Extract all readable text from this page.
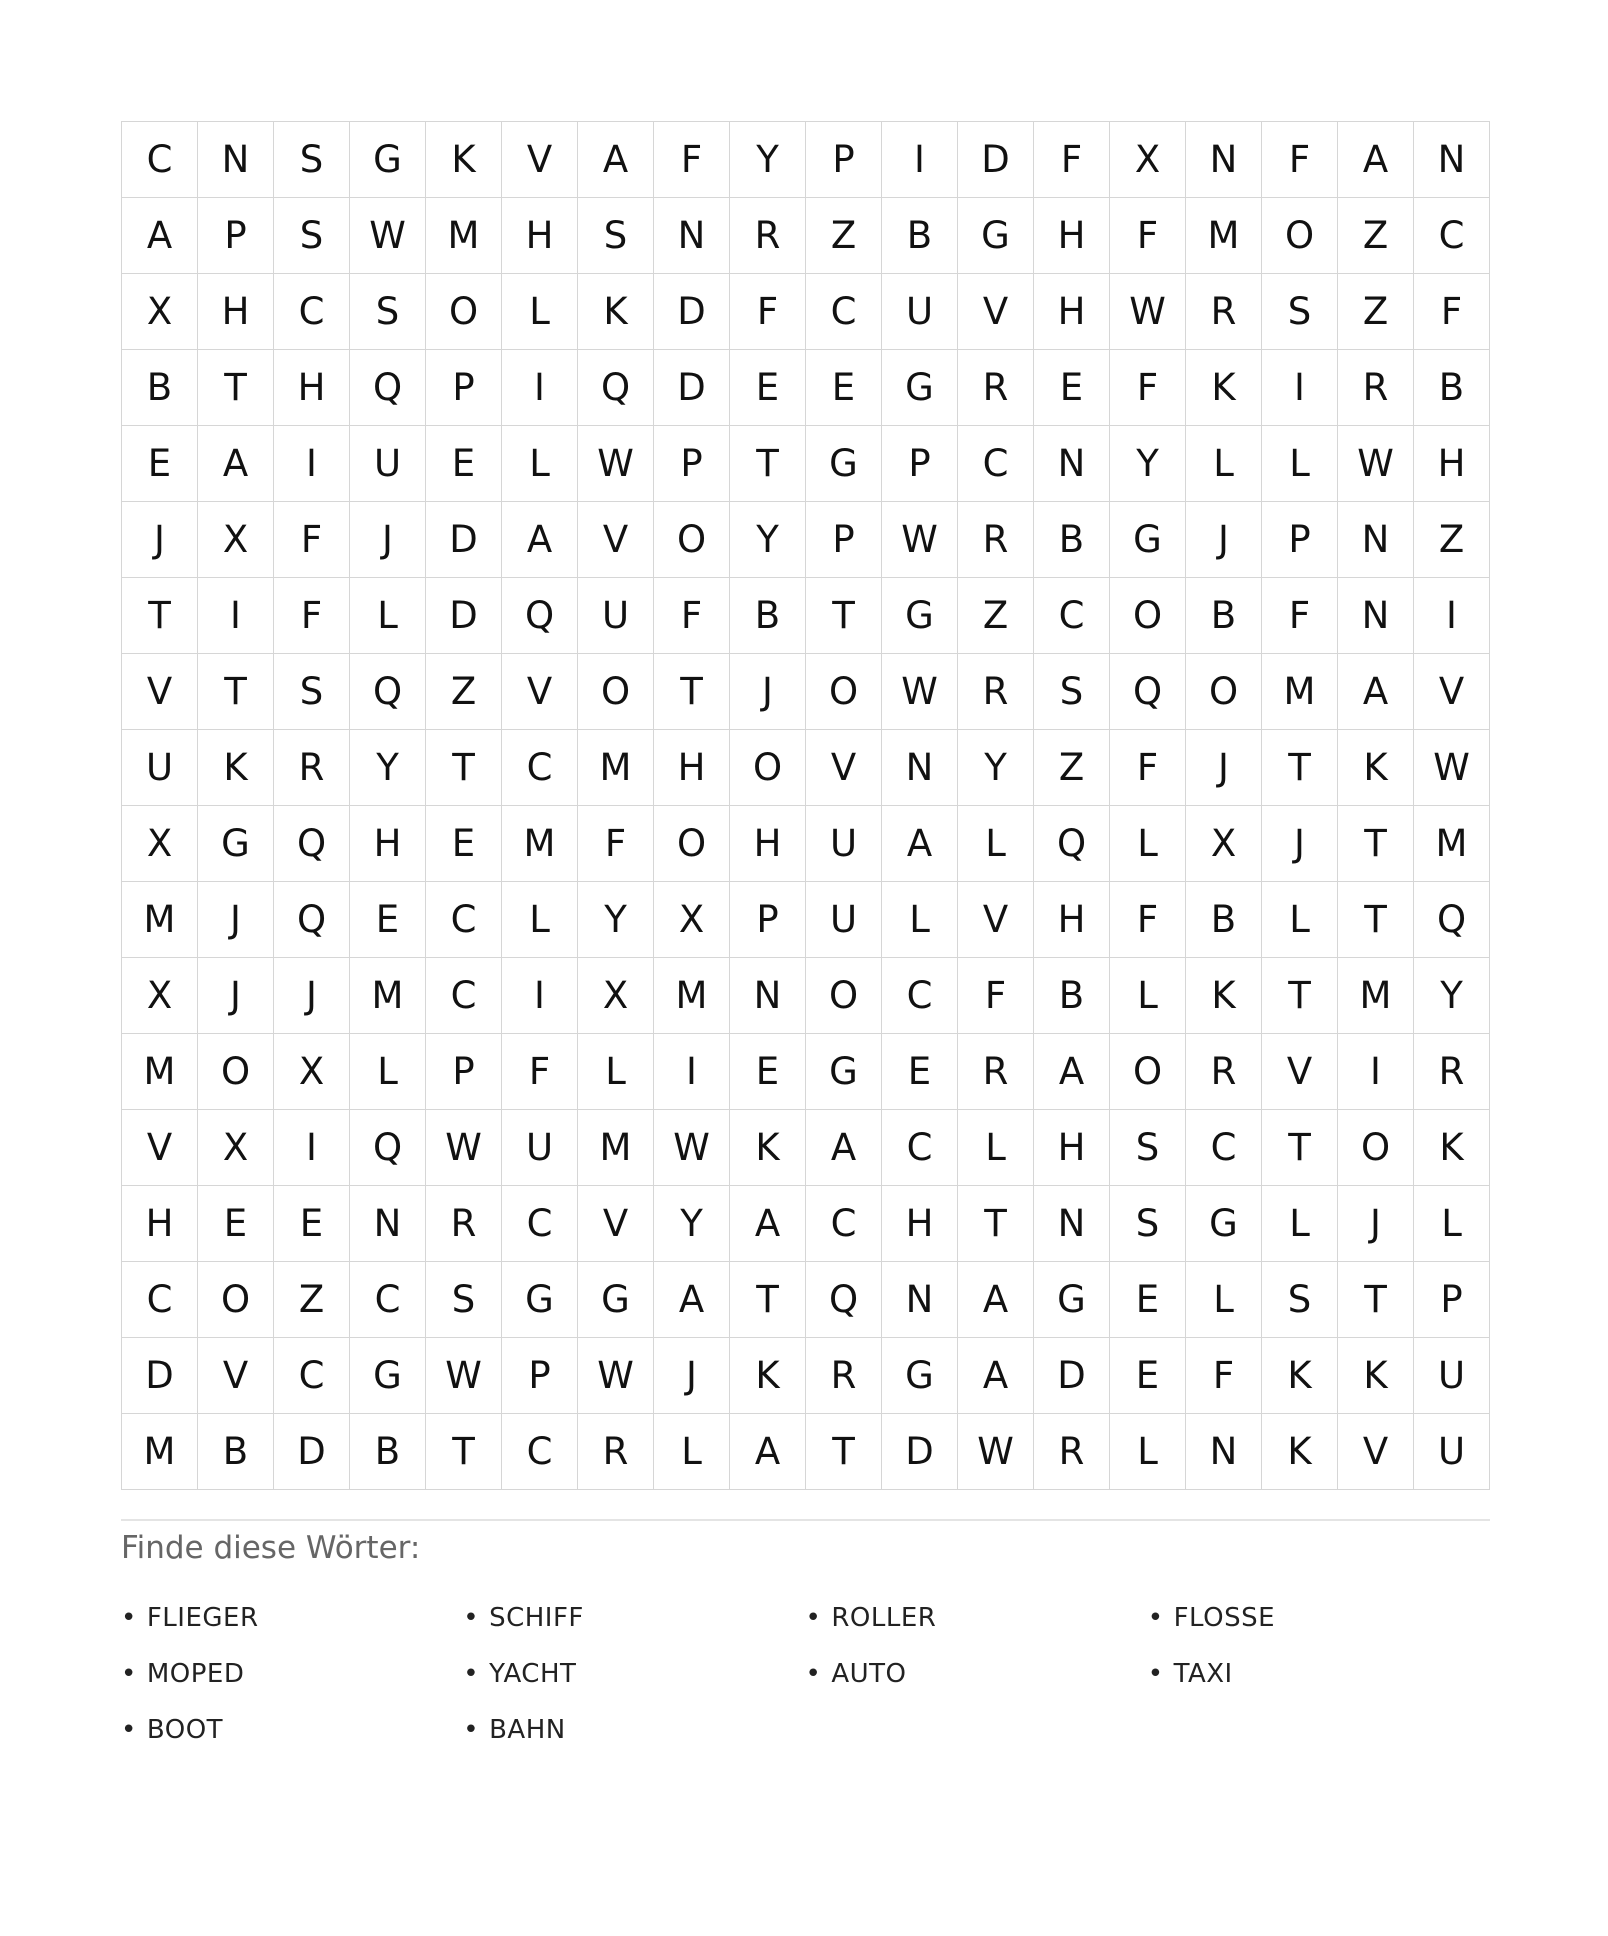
C	N	S	G	K	V	A	F	Y	P	I	D	F	X	N	F	A	N
A	P	S	W	M	H	S	N	R	Z	B	G	H	F	M	O	Z	C
X	H	C	S	O	L	K	D	F	C	U	V	H	W	R	S	Z	F
B	T	H	Q	P	I	Q	D	E	E	G	R	E	F	K	I	R	B
E	A	I	U	E	L	W	P	T	G	P	C	N	Y	L	L	W	H
J	X	F	J	D	A	V	O	Y	P	W	R	B	G	J	P	N	Z
T	I	F	L	D	Q	U	F	B	T	G	Z	C	O	B	F	N	I
V	T	S	Q	Z	V	O	T	J	O	W	R	S	Q	O	M	A	V
U	K	R	Y	T	C	M	H	O	V	N	Y	Z	F	J	T	K	W
X	G	Q	H	E	M	F	O	H	U	A	L	Q	L	X	J	T	M
M	J	Q	E	C	L	Y	X	P	U	L	V	H	F	B	L	T	Q
X	J	J	M	C	I	X	M	N	O	C	F	B	L	K	T	M	Y
M	O	X	L	P	F	L	I	E	G	E	R	A	O	R	V	I	R
V	X	I	Q	W	U	M	W	K	A	C	L	H	S	C	T	O	K
H	E	E	N	R	C	V	Y	A	C	H	T	N	S	G	L	J	L
C	O	Z	C	S	G	G	A	T	Q	N	A	G	E	L	S	T	P
D	V	C	G	W	P	W	J	K	R	G	A	D	E	F	K	K	U
M	B	D	B	T	C	R	L	A	T	D	W	R	L	N	K	V	U
Finde diese Wörter:
• FLIEGER	• SCHIFF	• ROLLER	• FLOSSE
• MOPED	• YACHT	• AUTO	• TAXI
• BOOT	• BAHN
